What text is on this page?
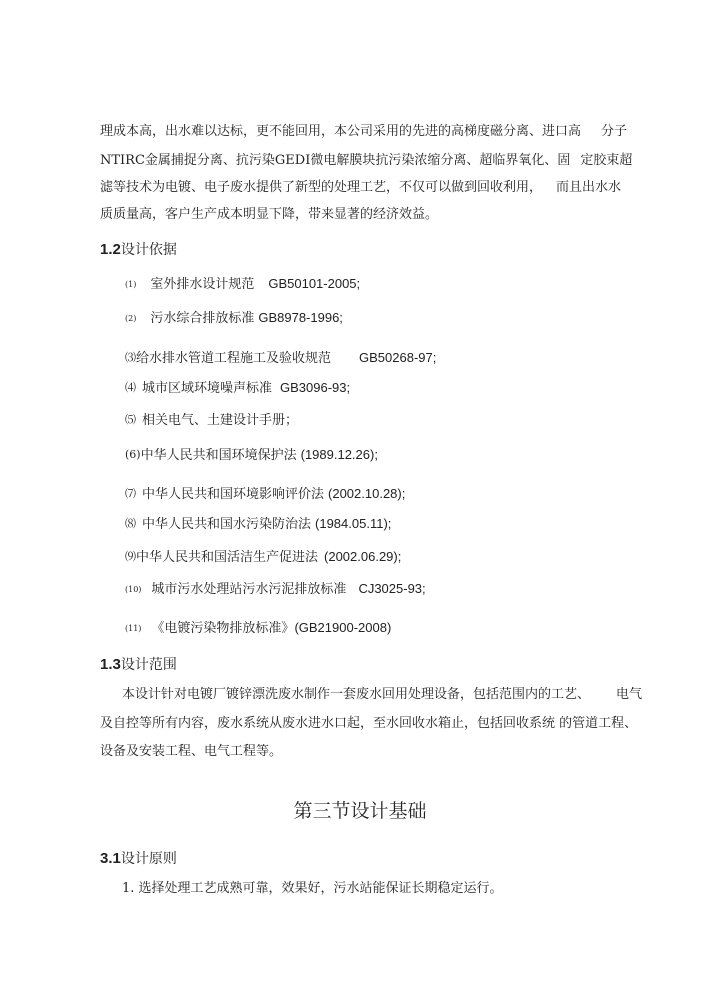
理成本高，出水难以达标，更不能回用，本公司采用的先进的高梯度磁分离、进口高 分子
NTIRC金属捕捉分离、抗污染GEDI微电解膜块抗污染浓缩分离、超临界氧化、固 定胶束超
滤等技术为电镀、电子废水提供了新型的处理工艺，不仅可以做到回收利用， 而且出水水
质质量高，客户生产成本明显下降，带来显著的经济效益。
1.2设计依据
(1) 室外排水设计规范 GB50101-2005;
(2) 污水综合排放标准 GB8978-1996;
⑶给水排水管道工程施工及验收规范 GB50268-97;
⑷ 城市区域环境噪声标准 GB3096-93;
⑸ 相关电气、土建设计手册；
(6)中华人民共和国环境保护法 (1989.12.26);
⑺ 中华人民共和国环境影响评价法 (2002.10.28);
⑻ 中华人民共和国水污染防治法 (1984.05.11);
⑼中华人民共和国活洁生产促进法 (2002.06.29);
(10) 城市污水处理站污水污泥排放标准 CJ3025-93;
(11) 《电镀污染物排放标准》(GB21900-2008)
1.3设计范围
本设计针对电镀厂镀锌漂洗废水制作一套废水回用处理设备，包括范围内的工艺、 电气
及自控等所有内容，废水系统从废水进水口起，至水回收水箱止，包括回收系统 的管道工程、
设备及安装工程、电气工程等。
第三节设计基础
3.1设计原则
1. 选择处理工艺成熟可靠，效果好，污水站能保证长期稳定运行。
